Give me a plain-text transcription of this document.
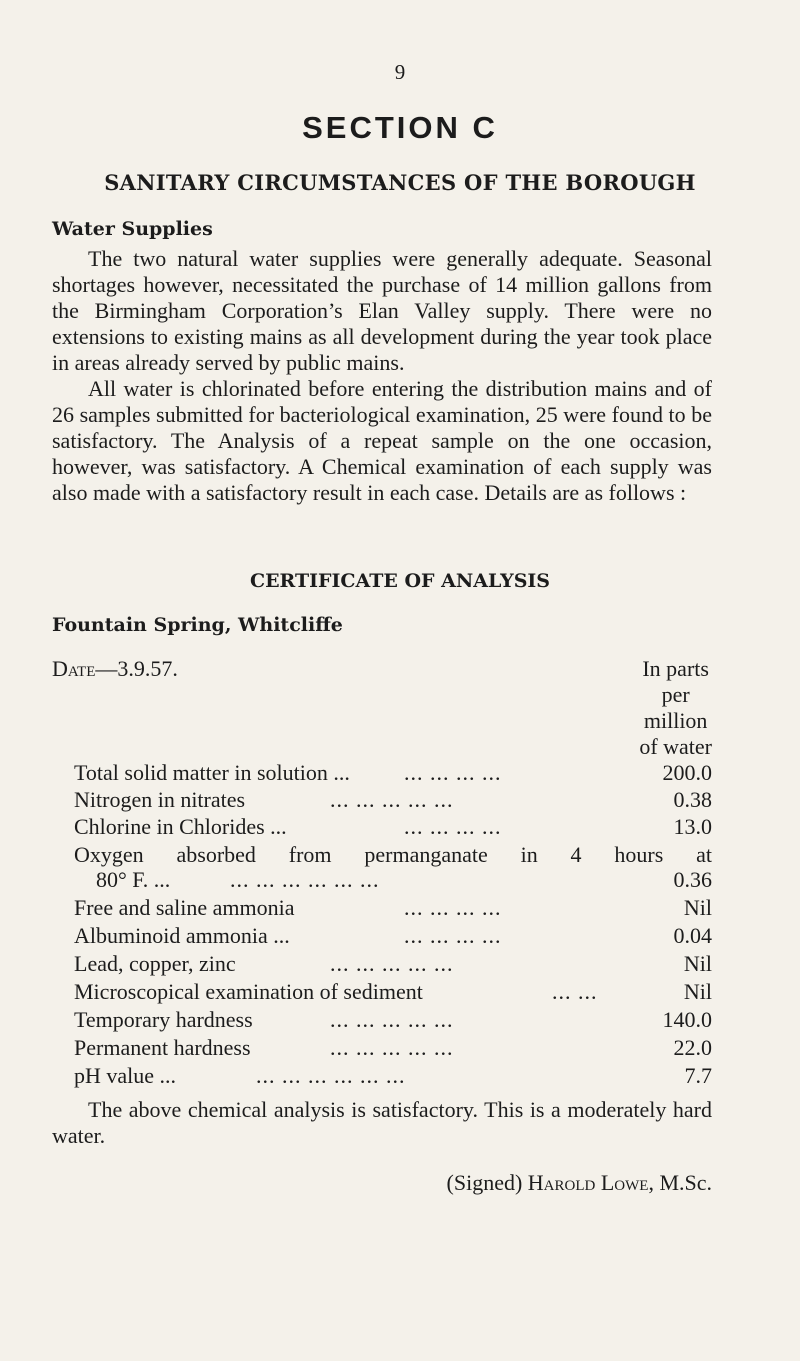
9
SECTION C
SANITARY CIRCUMSTANCES OF THE BOROUGH
Water Supplies

The two natural water supplies were generally adequate. Seasonal shortages however, necessitated the purchase of 14 million gallons from the Birmingham Corporation’s Elan Valley supply. There were no extensions to existing mains as all development during the year took place in areas already served by public mains.

All water is chlorinated before entering the distribution mains and of 26 samples submitted for bacteriological examination, 25 were found to be satisfactory. The Analysis of a repeat sample on the one occasion, however, was satisfactory. A Chemical examination of each supply was also made with a satisfactory result in each case. Details are as follows :

CERTIFICATE OF ANALYSIS
Fountain Spring, Whitcliffe
Date—3.9.57.	In parts
per
million
of water
Total solid matter in solution ... ... ... ... ...	200.0
Nitrogen in nitrates	... ... ... ... ...	0.38
Chlorine in Chlorides ...	... ... ... ...	13.0
Oxygen absorbed from permanganate in 4 hours at
80° F. ...	... ... ... ... ... ...	0.36
Free and saline ammonia	... ... ... ...	Nil
Albuminoid ammonia ...	... ... ... ...	0.04
Lead, copper, zinc	... ... ... ... ...	Nil
Microscopical examination of sediment	... ...	Nil
Temporary hardness	... ... ... ... ...	140.0
Permanent hardness	... ... ... ... ...	22.0
pH value ...	... ... ... ... ... ...	7.7

The above chemical analysis is satisfactory. This is a moderately hard water.

(Signed) Harold Lowe, M.Sc.
